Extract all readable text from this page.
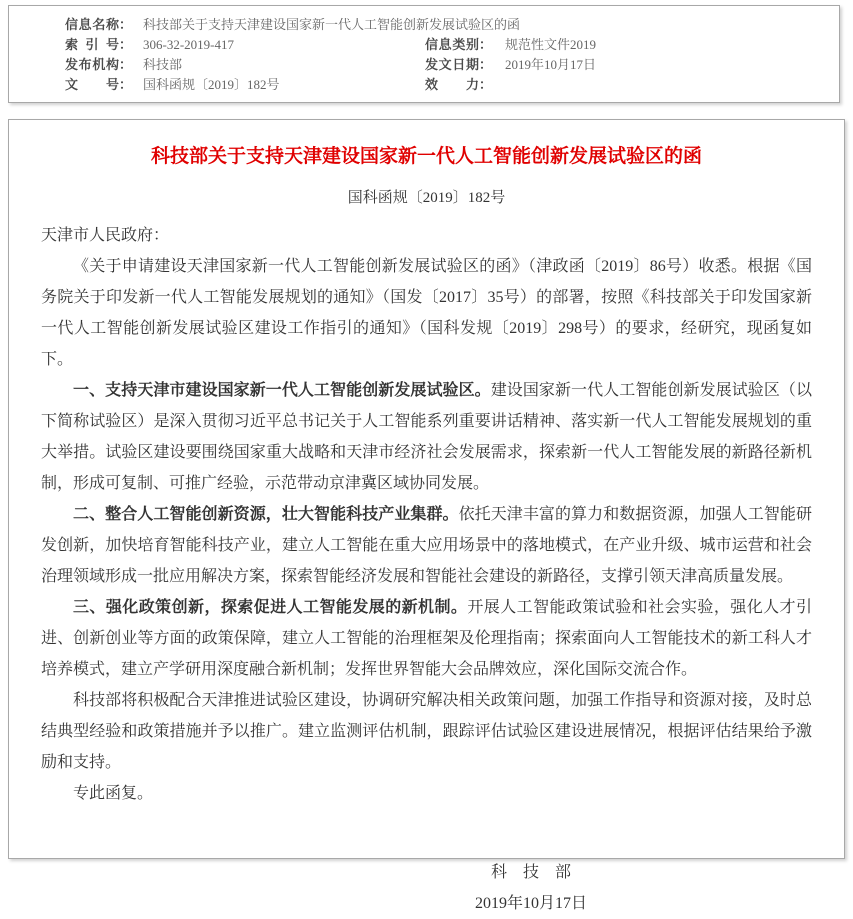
信息名称 ： 科技部关于支持天津建设国家新一代人工智能创新发展试验区的函
索引号 ： 306-32-2019-417	信息类别 ： 规范性文件2019
发布机构 ： 科技部	发文日期 ： 2019年10月17日
文号 ： 国科函规〔2019〕182号	效力 ：
科技部关于支持天津建设国家新一代人工智能创新发展试验区的函
国科函规〔2019〕182号

天津市人民政府：

《关于申请建设天津国家新一代人工智能创新发展试验区的函》（津政函〔2019〕86号）收悉。根据《国务院关于印发新一代人工智能发展规划的通知》（国发〔2017〕35号）的部署，按照《科技部关于印发国家新一代人工智能创新发展试验区建设工作指引的通知》（国科发规〔2019〕298号）的要求，经研究，现函复如下。

一、支持天津市建设国家新一代人工智能创新发展试验区。建设国家新一代人工智能创新发展试验区（以下简称试验区）是深入贯彻习近平总书记关于人工智能系列重要讲话精神、落实新一代人工智能发展规划的重大举措。试验区建设要围绕国家重大战略和天津市经济社会发展需求，探索新一代人工智能发展的新路径新机制，形成可复制、可推广经验，示范带动京津冀区域协同发展。

二、整合人工智能创新资源，壮大智能科技产业集群。依托天津丰富的算力和数据资源，加强人工智能研发创新，加快培育智能科技产业，建立人工智能在重大应用场景中的落地模式，在产业升级、城市运营和社会治理领域形成一批应用解决方案，探索智能经济发展和智能社会建设的新路径，支撑引领天津高质量发展。

三、强化政策创新，探索促进人工智能发展的新机制。开展人工智能政策试验和社会实验，强化人才引进、创新创业等方面的政策保障，建立人工智能的治理框架及伦理指南；探索面向人工智能技术的新工科人才培养模式，建立产学研用深度融合新机制；发挥世界智能大会品牌效应，深化国际交流合作。

科技部将积极配合天津推进试验区建设，协调研究解决相关政策问题，加强工作指导和资源对接，及时总结典型经验和政策措施并予以推广。建立监测评估机制，跟踪评估试验区建设进展情况，根据评估结果给予激励和支持。

专此函复。

科　技　部
2019年10月17日
